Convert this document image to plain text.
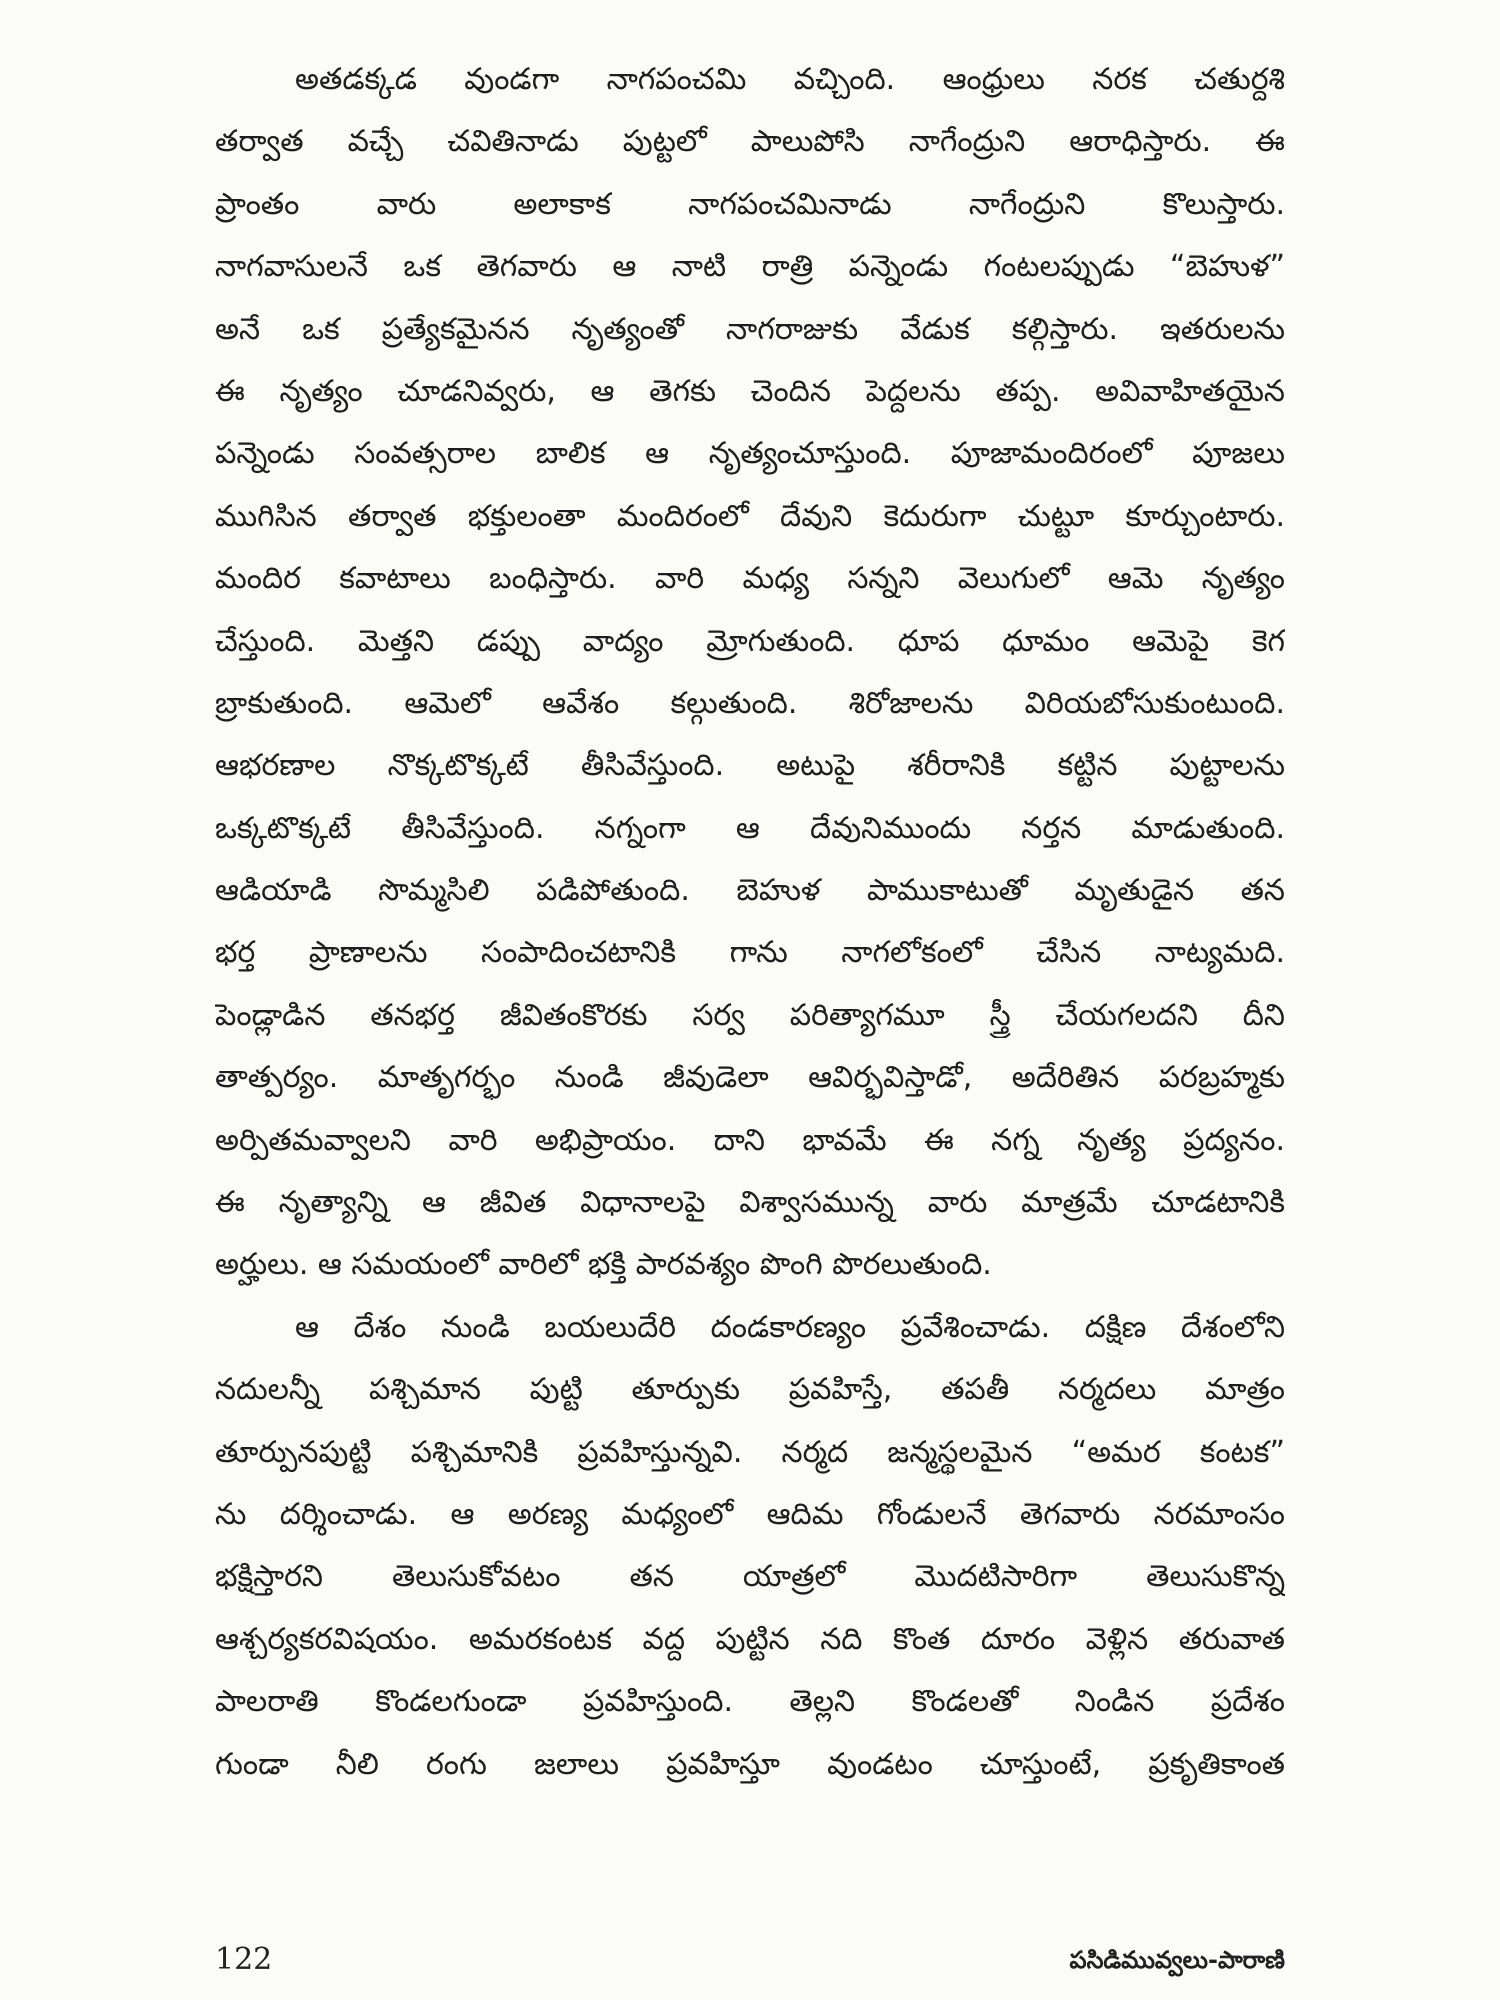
అతడక్కడ వుండగా నాగపంచమి వచ్చింది. ఆంధ్రులు నరక చతుర్దశి
తర్వాత వచ్చే చవితినాడు పుట్టలో పాలుపోసి నాగేంద్రుని ఆరాధిస్తారు. ఈ
ప్రాంతం వారు అలాకాక నాగపంచమినాడు నాగేంద్రుని కొలుస్తారు.
నాగవాసులనే ఒక తెగవారు ఆ నాటి రాత్రి పన్నెండు గంటలప్పుడు “బెహుళ”
అనే ఒక ప్రత్యేకమైనన నృత్యంతో నాగరాజుకు వేడుక కల్గిస్తారు. ఇతరులను
ఈ నృత్యం చూడనివ్వరు, ఆ తెగకు చెందిన పెద్దలను తప్ప. అవివాహితయైన
పన్నెండు సంవత్సరాల బాలిక ఆ నృత్యంచూస్తుంది. పూజామందిరంలో పూజలు
ముగిసిన తర్వాత భక్తులంతా మందిరంలో దేవుని కెదురుగా చుట్టూ కూర్చుంటారు.
మందిర కవాటాలు బంధిస్తారు. వారి మధ్య సన్నని వెలుగులో ఆమె నృత్యం
చేస్తుంది. మెత్తని డప్పు వాద్యం మ్రోగుతుంది. ధూప ధూమం ఆమెపై కెగ
బ్రాకుతుంది. ఆమెలో ఆవేశం కల్గుతుంది. శిరోజాలను విరియబోసుకుంటుంది.
ఆభరణాల నొక్కటొక్కటే తీసివేస్తుంది. అటుపై శరీరానికి కట్టిన పుట్టాలను
ఒక్కటొక్కటే తీసివేస్తుంది. నగ్నంగా ఆ దేవునిముందు నర్తన మాడుతుంది.
ఆడియాడి సొమ్మసిలి పడిపోతుంది. బెహుళ పాముకాటుతో మృతుడైన తన
భర్త ప్రాణాలను సంపాదించటానికి గాను నాగలోకంలో చేసిన నాట్యమది.
పెండ్లాడిన తనభర్త జీవితంకొరకు సర్వ పరిత్యాగమూ స్త్రీ చేయగలదని దీని
తాత్పర్యం. మాతృగర్భం నుండి జీవుడెలా ఆవిర్భవిస్తాడో, అదేరితిన పరబ్రహ్మకు
అర్పితమవ్వాలని వారి అభిప్రాయం. దాని భావమే ఈ నగ్న నృత్య ప్రద్యనం.
ఈ నృత్యాన్ని ఆ జీవిత విధానాలపై విశ్వాసమున్న వారు మాత్రమే చూడటానికి
అర్హులు. ఆ సమయంలో వారిలో భక్తి పారవశ్యం పొంగి పొరలుతుంది.
ఆ దేశం నుండి బయలుదేరి దండకారణ్యం ప్రవేశించాడు. దక్షిణ దేశంలోని
నదులన్నీ పశ్చిమాన పుట్టి తూర్పుకు ప్రవహిస్తే, తపతీ నర్మదలు మాత్రం
తూర్పునపుట్టి పశ్చిమానికి ప్రవహిస్తున్నవి. నర్మద జన్మస్థలమైన “అమర కంటక”
ను దర్శించాడు. ఆ అరణ్య మధ్యంలో ఆదిమ గోండులనే తెగవారు నరమాంసం
భక్షిస్తారని తెలుసుకోవటం తన యాత్రలో మొదటిసారిగా తెలుసుకొన్న
ఆశ్చర్యకరవిషయం. అమరకంటక వద్ద పుట్టిన నది కొంత దూరం వెళ్లిన తరువాత
పాలరాతి కొండలగుండా ప్రవహిస్తుంది. తెల్లని కొండలతో నిండిన ప్రదేశం
గుండా నీలి రంగు జలాలు ప్రవహిస్తూ వుండటం చూస్తుంటే, ప్రకృతికాంత
122	పసిడిమువ్వలు-పారాణి
